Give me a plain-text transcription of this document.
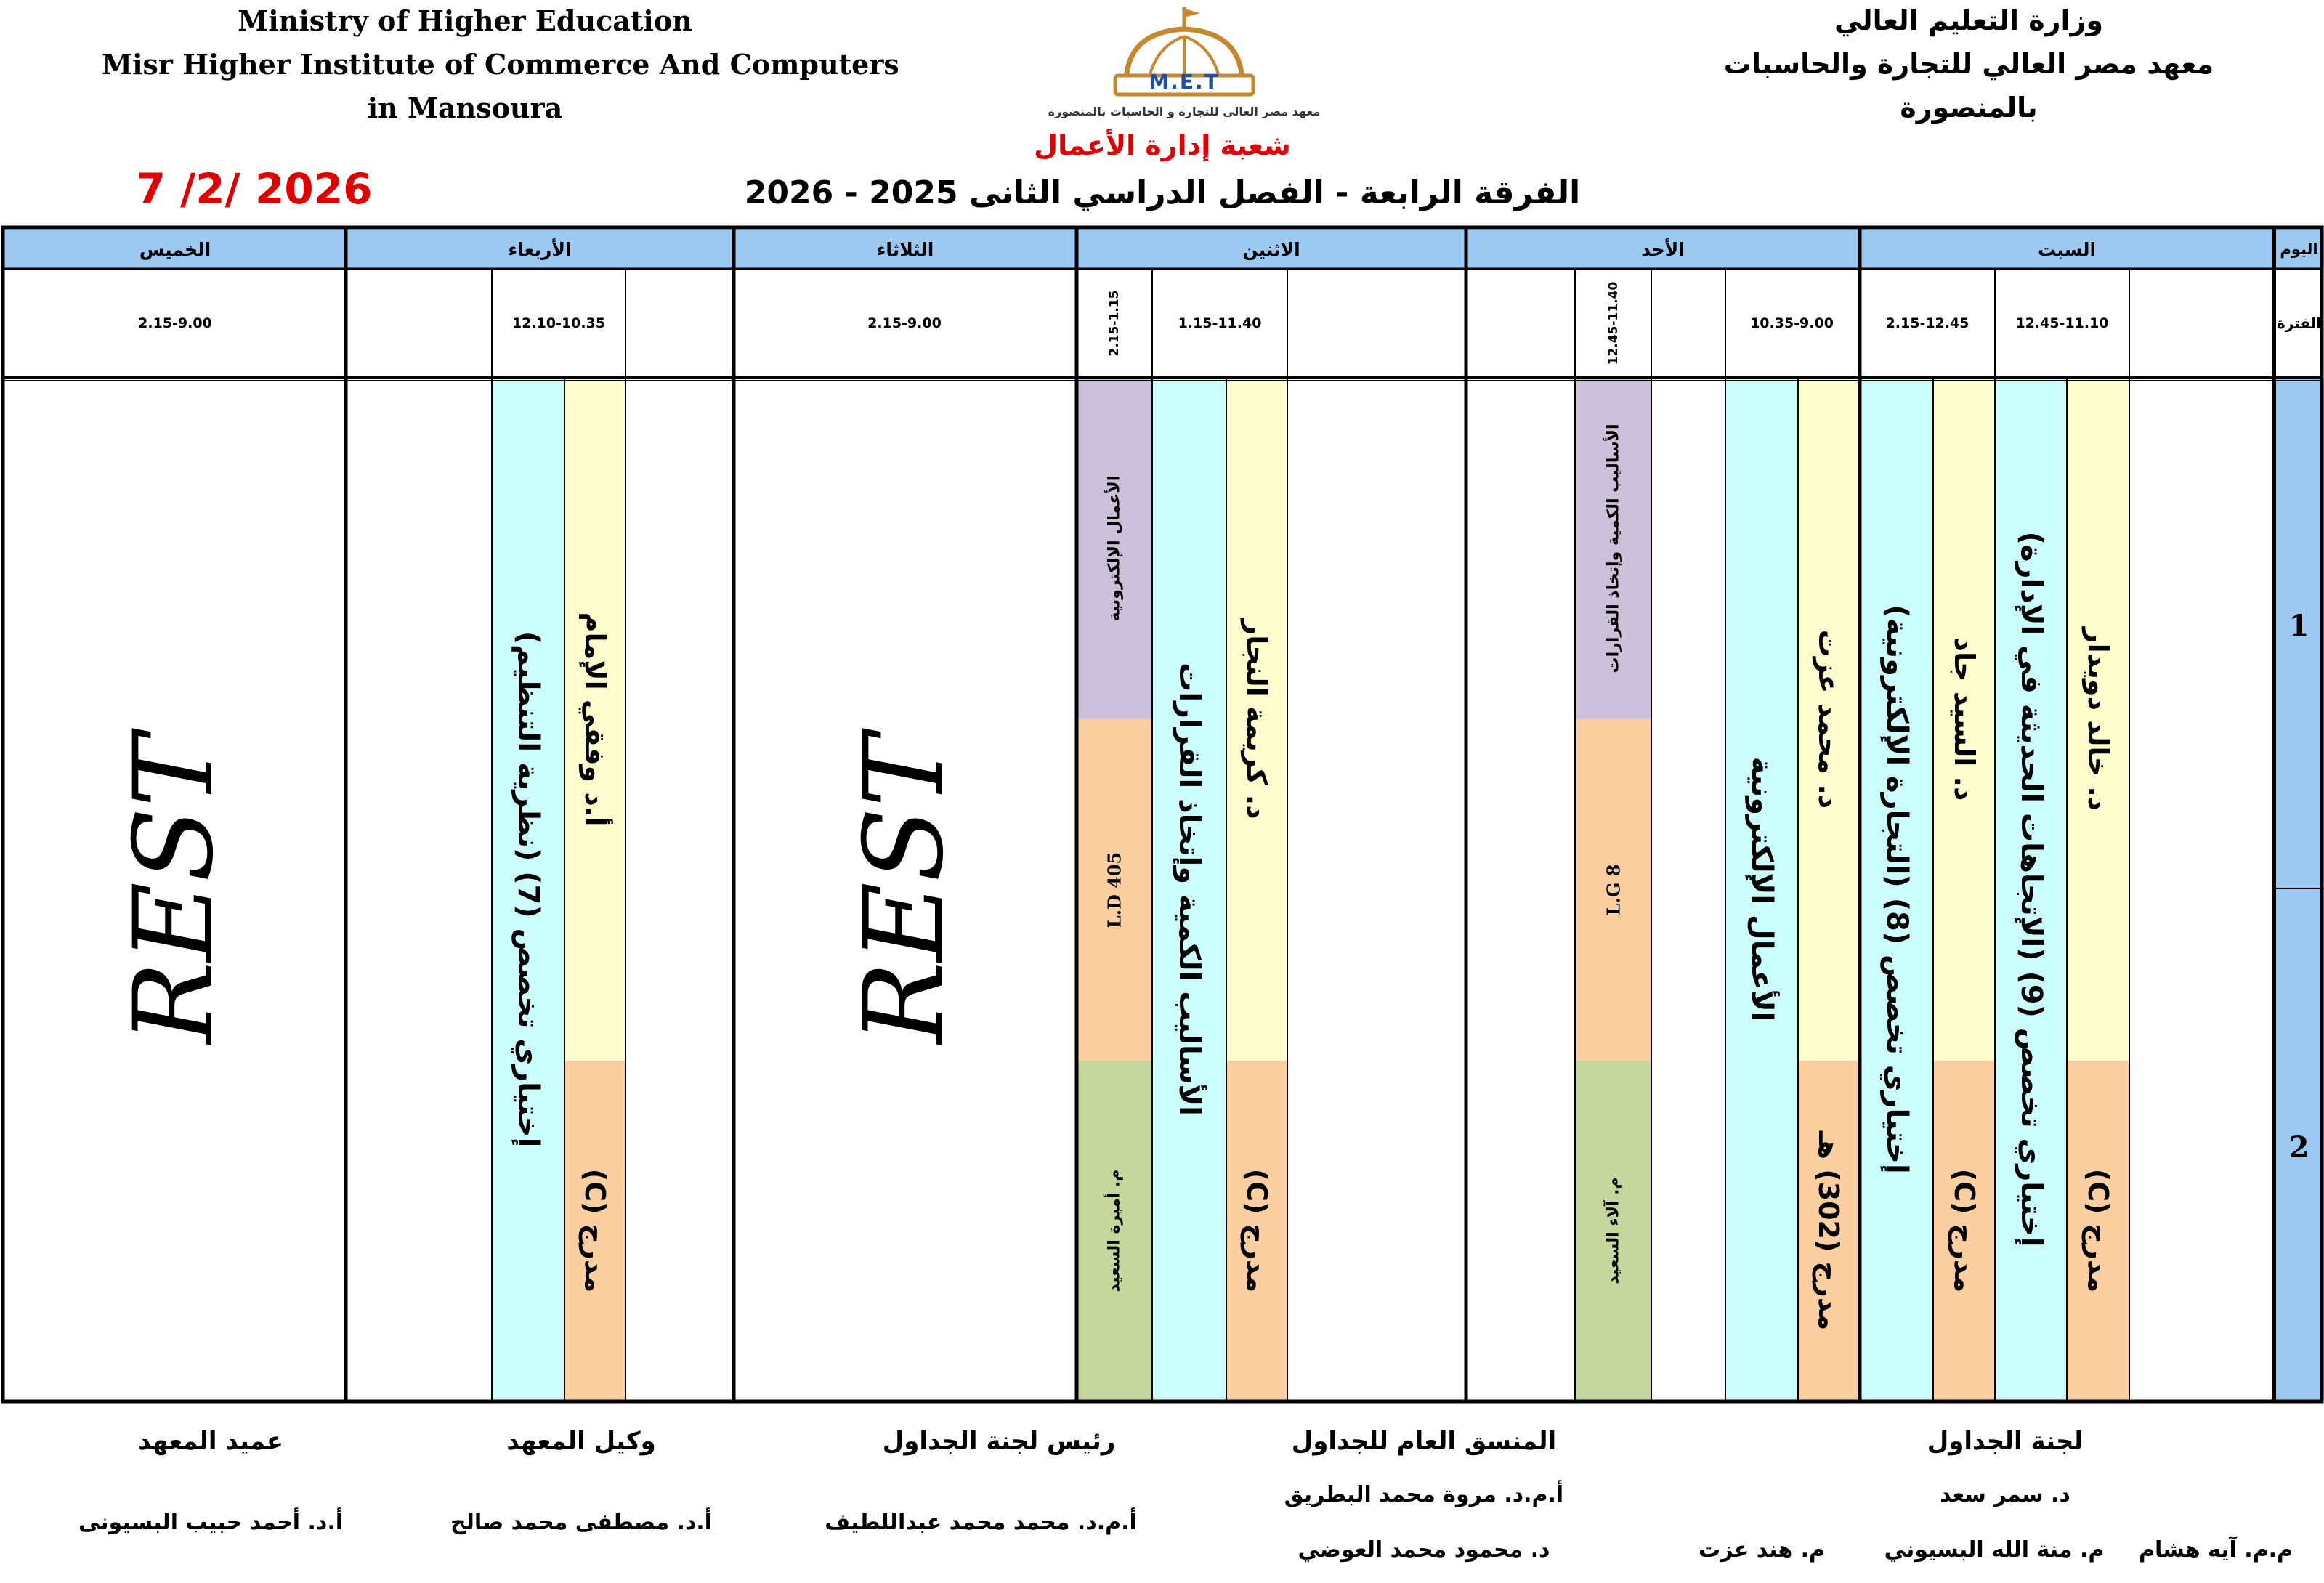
Ministry of Higher Education
Misr Higher Institute of Commerce And Computers
in Mansoura
وزارة التعليم العالي
معهد مصر العالي للتجارة والحاسبات
بالمنصورة
M.E.T
معهد مصر العالي للتجارة و الحاسبات بالمنصورة
شعبة إدارة الأعمال
7 /2/ 2026	الفرقة الرابعة - الفصل الدراسي الثانى 2025 - 2026
د. خالد دويدار
مدرج (C)
إختياري تخصص (9) (الإتجاهات الحديثة في الإدارة)
د. السيد جاد
مدرج (C)
إختياري تخصص (8) (التجارة الإلكترونية)
د. محمد عزت
مدرج (302) هـ
الأعمال الإلكترونية
الأساليب الكمية وإتخاذ القرارات
L.G 8
م. آلاء السعيد
د. كريمة النجار
مدرج (C)
الأساليب الكمية وإتخاذ القرارات
الأعمال الإلكترونية
L.D 405
م. أميرة السعيد
REST
أ.د وفقي الإمام
مدرج (C)
إختياري تخصص (7) (نظرية التنظيم)
REST
1
2
اليوم
السبت
الأحد
الاثنين
الثلاثاء
الأربعاء
الخميس
الفترة
12.45-11.10
2.15-12.45
10.35-9.00
12.45-11.40
1.15-11.40
2.15-1.15
2.15-9.00
12.10-10.35
2.15-9.00
لجنة الجداول
د. سمر سعد
م.م. آيه هشام
م. منة الله البسيوني
م. هند عزت
المنسق العام للجداول
أ.م.د. مروة محمد البطريق
د. محمود محمد العوضي
رئيس لجنة الجداول
أ.م.د. محمد محمد عبداللطيف
وكيل المعهد
أ.د. مصطفى محمد صالح
عميد المعهد
أ.د. أحمد حبيب البسيونى
